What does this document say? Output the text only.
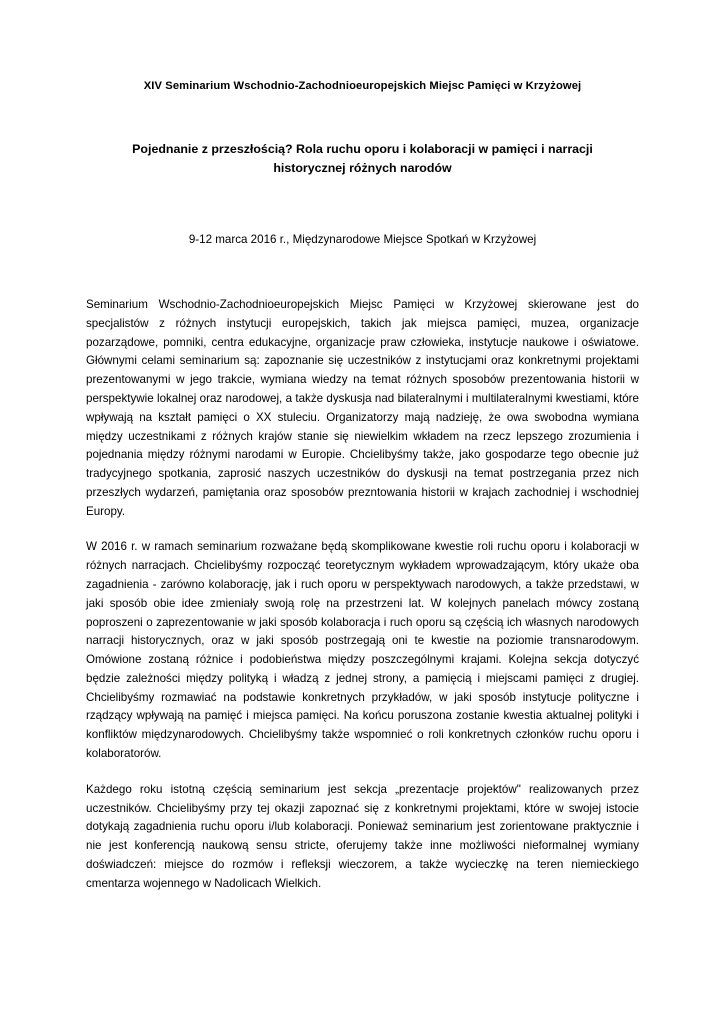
XIV Seminarium Wschodnio-Zachodnioeuropejskich Miejsc Pamięci w Krzyżowej
Pojednanie z przeszłością? Rola ruchu oporu i kolaboracji w pamięci i narracji historycznej różnych narodów
9-12 marca 2016 r., Międzynarodowe Miejsce Spotkań w Krzyżowej

Seminarium Wschodnio-Zachodnioeuropejskich Miejsc Pamięci w Krzyżowej skierowane jest do specjalistów z różnych instytucji europejskich, takich jak miejsca pamięci, muzea, organizacje pozarządowe, pomniki, centra edukacyjne, organizacje praw człowieka, instytucje naukowe i oświatowe. Głównymi celami seminarium są: zapoznanie się uczestników z instytucjami oraz konkretnymi projektami prezentowanymi w jego trakcie, wymiana wiedzy na temat różnych sposobów prezentowania historii w perspektywie lokalnej oraz narodowej, a także dyskusja nad bilateralnymi i multilateralnymi kwestiami, które wpływają na kształt pamięci o XX stuleciu. Organizatorzy mają nadzieję, że owa swobodna wymiana między uczestnikami z różnych krajów stanie się niewielkim wkładem na rzecz lepszego zrozumienia i pojednania między różnymi narodami w Europie. Chcielibyśmy także, jako gospodarze tego obecnie już tradycyjnego spotkania, zaprosić naszych uczestników do dyskusji na temat postrzegania przez nich przeszłych wydarzeń, pamiętania oraz sposobów prezntowania historii w krajach zachodniej i wschodniej Europy.

W 2016 r. w ramach seminarium rozważane będą skomplikowane kwestie roli ruchu oporu i kolaboracji w różnych narracjach. Chcielibyśmy rozpocząć teoretycznym wykładem wprowadzającym, który ukaże oba zagadnienia - zarówno kolaborację, jak i ruch oporu w perspektywach narodowych, a także przedstawi, w jaki sposób obie idee zmieniały swoją rolę na przestrzeni lat. W kolejnych panelach mówcy zostaną poproszeni o zaprezentowanie w jaki sposób kolaboracja i ruch oporu są częścią ich własnych narodowych narracji historycznych, oraz w jaki sposób postrzegają oni te kwestie na poziomie transnarodowym. Omówione zostaną różnice i podobieństwa między poszczególnymi krajami. Kolejna sekcja dotyczyć będzie zależności między polityką i władzą z jednej strony, a pamięcią i miejscami pamięci z drugiej. Chcielibyśmy rozmawiać na podstawie konkretnych przykładów, w jaki sposób instytucje polityczne i rządzący wpływają na pamięć i miejsca pamięci. Na końcu poruszona zostanie kwestia aktualnej polityki i konfliktów międzynarodowych. Chcielibyśmy także wspomnieć o roli konkretnych członków ruchu oporu i kolaboratorów.

Każdego roku istotną częścią seminarium jest sekcja „prezentacje projektów" realizowanych przez uczestników. Chcielibyśmy przy tej okazji zapoznać się z konkretnymi projektami, które w swojej istocie dotykają zagadnienia ruchu oporu i/lub kolaboracji. Ponieważ seminarium jest zorientowane praktycznie i nie jest konferencją naukową sensu stricte, oferujemy także inne możliwości nieformalnej wymiany doświadczeń: miejsce do rozmów i refleksji wieczorem, a także wycieczkę na teren niemieckiego cmentarza wojennego w Nadolicach Wielkich.
